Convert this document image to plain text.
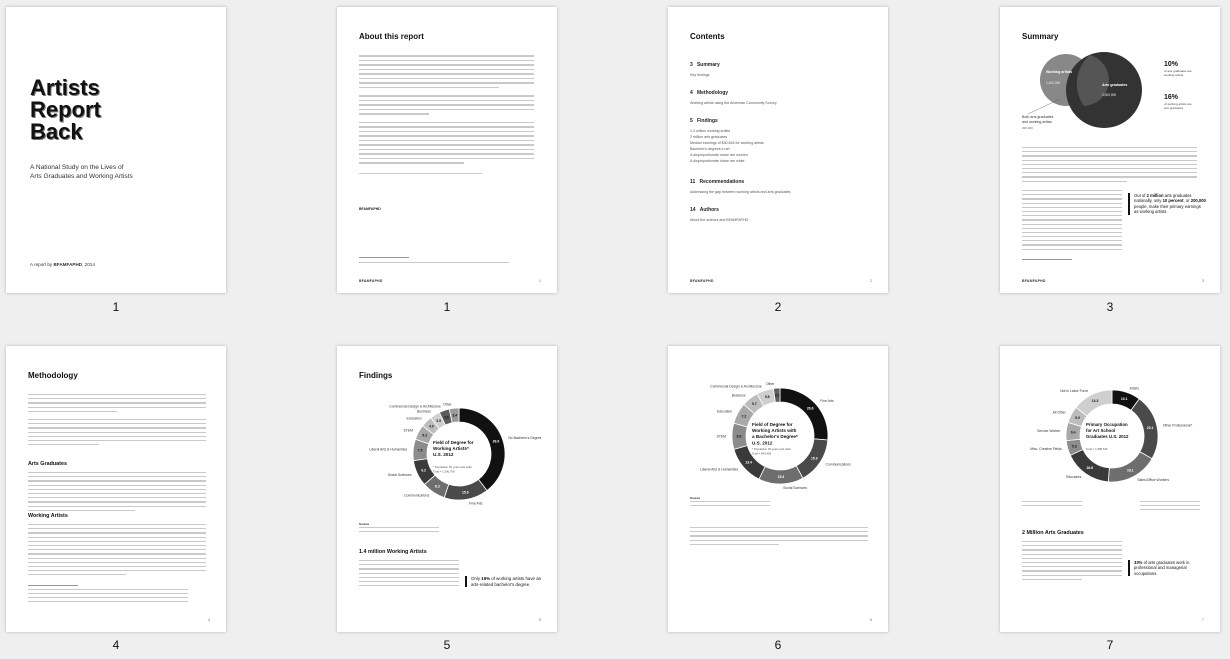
Artists
Report
Back
A National Study on the Lives of
Arts Graduates and Working Artists
A report by BFAMFAPHD, 2014
1
About this report
BFAMFAPHD
BFAMFAPHD	1
1
Contents
3 Summary
Key findings
4 Methodology
Working artists using the American Community Survey
5 Findings
1.4 million working artists
2 million arts graduates
Median earnings of $30,826 for working artists
Bachelor's degrees in art
A disproportionate share are women
A disproportionate share are white
11 Recommendations
Addressing the gap between working artists and arts graduates
14 Authors
About the authors and BFAMFAPHD
BFAMFAPHD	2
2
Summary
Working artists
1,400,000	Arts graduates
2,000,000
Both arts graduates
and working artists
200,000
10%
of arts graduates are
working artists
16%
of working artists are
arts graduates
Out of 2 million arts graduates nationally, only 10 percent, or 200,000 people, make their primary earnings as working artists.
BFAMFAPHD	3
3
Methodology
Arts Graduates
Working Artists
4
4
Findings
39.6
No Bachelor's Degree
15.6
Fine Arts
8.3
Communications
9.2
Social Sciences
7.5
Liberal Arts & Humanities
5.3
STEM
4.0
Education
3.5
Business
3.6
Commercial Design & Architecture
3.4
Other
Field of Degree for
Working Artists*
U.S. 2012
* Population 25 years and older
Total = 1,396,766
Source
1.4 million Working Artists
Only 16% of working artists have an arts-related bachelor's degree.
5
5
26.6
Fine Arts
15.9
Communications
15.3
Social Sciences
13.4
Liberal Arts & Humanities
8.9
STEM
7.2
Education
5.7
Business	5.8
Commercial Design & Architecture
2.2
Other
Field of Degree for
Working Artists with
a Bachelor's Degree*
U.S. 2012
* Population 25 years and older
Total = 843,456
Source
6
6
10.1
Artists
23.1
Other Professional*
18.1
Sales/Office Workers
16.8
Educators
5.3
Misc. Creative Fields
6.4
Service Worker
5.9
All Other
14.3
Not in Labor Force
Primary Occupation
for Art School
Graduates U.S. 2012
Total = 1,988,546
2 Million Arts Graduates
33% of arts graduates work in professional and managerial occupations.
7
7
